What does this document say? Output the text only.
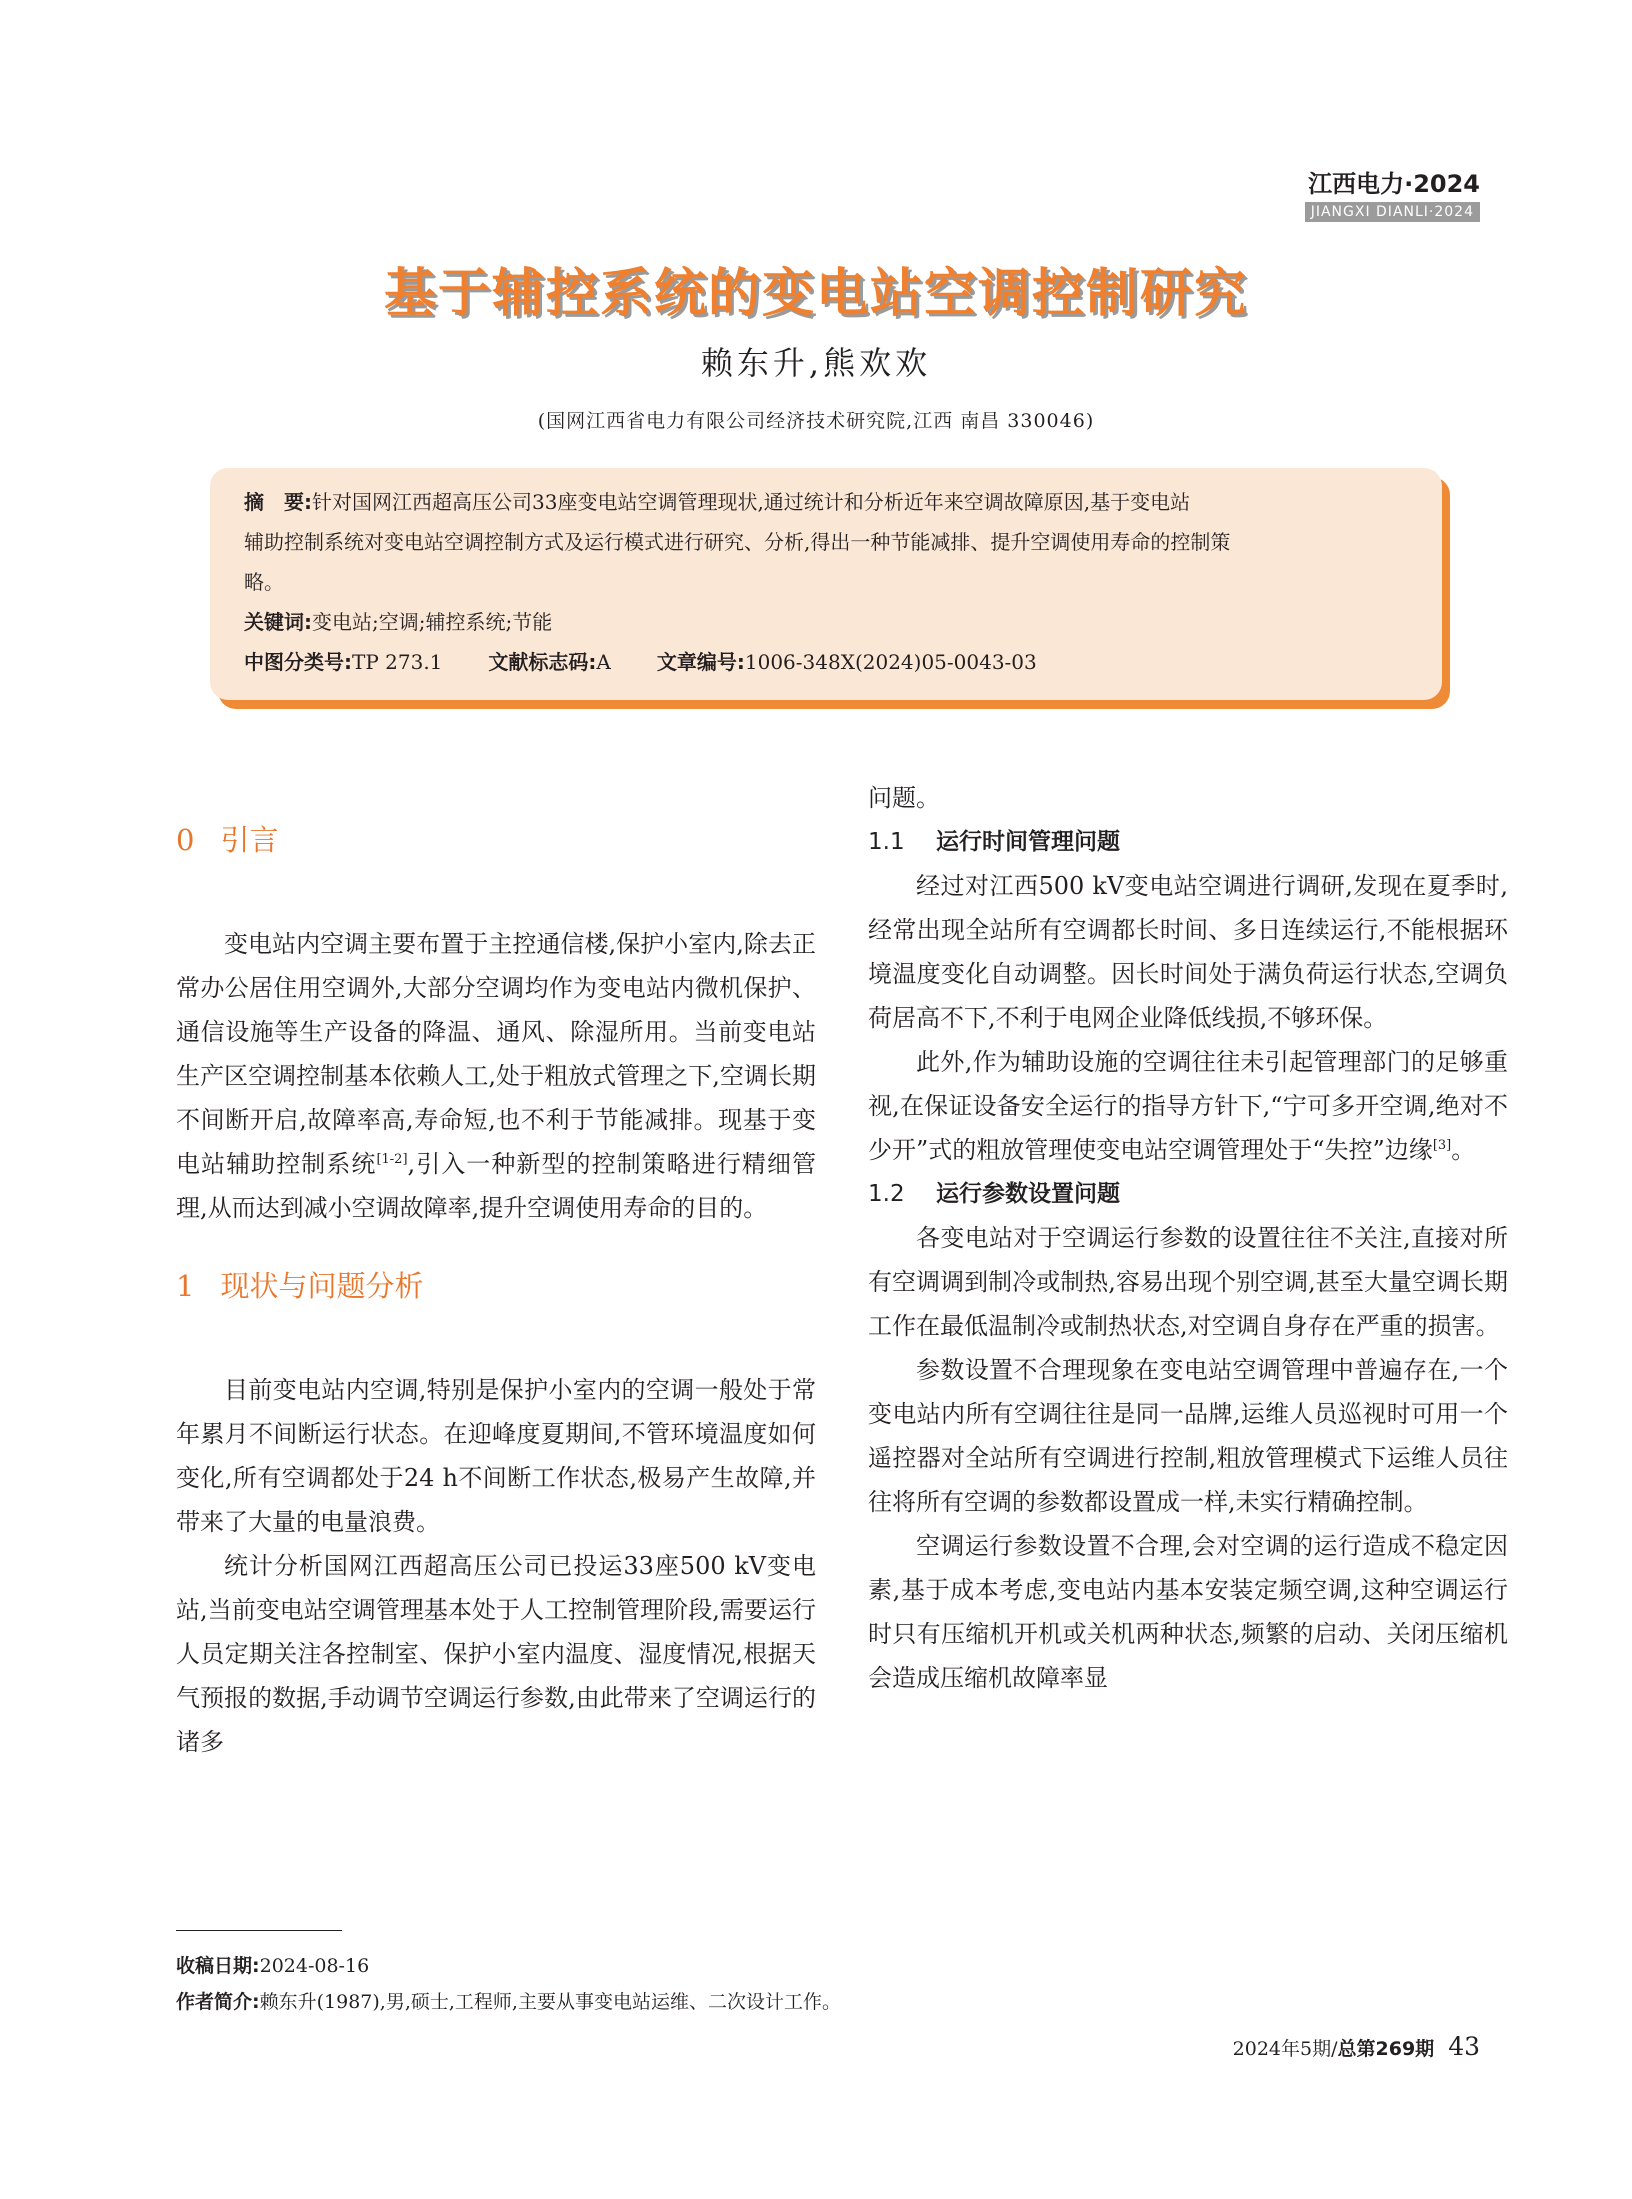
江西电力·2024
JIANGXI DIANLI·2024
基于辅控系统的变电站空调控制研究
赖东升,熊欢欢
(国网江西省电力有限公司经济技术研究院,江西 南昌 330046)

摘　要:针对国网江西超高压公司33座变电站空调管理现状,通过统计和分析近年来空调故障原因,基于变电站

辅助控制系统对变电站空调控制方式及运行模式进行研究、分析,得出一种节能减排、提升空调使用寿命的控制策

略。

关键词:变电站;空调;辅控系统;节能

中图分类号:TP 273.1 文献标志码:A 文章编号:1006-348X(2024)05-0043-03

0 引言

变电站内空调主要布置于主控通信楼,保护小室内,除去正常办公居住用空调外,大部分空调均作为变电站内微机保护、通信设施等生产设备的降温、通风、除湿所用。当前变电站生产区空调控制基本依赖人工,处于粗放式管理之下,空调长期不间断开启,故障率高,寿命短,也不利于节能减排。现基于变电站辅助控制系统[1-2],引入一种新型的控制策略进行精细管理,从而达到减小空调故障率,提升空调使用寿命的目的。

1 现状与问题分析

目前变电站内空调,特别是保护小室内的空调一般处于常年累月不间断运行状态。在迎峰度夏期间,不管环境温度如何变化,所有空调都处于24 h不间断工作状态,极易产生故障,并带来了大量的电量浪费。

统计分析国网江西超高压公司已投运33座500 kV变电站,当前变电站空调管理基本处于人工控制管理阶段,需要运行人员定期关注各控制室、保护小室内温度、湿度情况,根据天气预报的数据,手动调节空调运行参数,由此带来了空调运行的诸多

问题。

1.1 运行时间管理问题

经过对江西500 kV变电站空调进行调研,发现在夏季时,经常出现全站所有空调都长时间、多日连续运行,不能根据环境温度变化自动调整。因长时间处于满负荷运行状态,空调负荷居高不下,不利于电网企业降低线损,不够环保。

此外,作为辅助设施的空调往往未引起管理部门的足够重视,在保证设备安全运行的指导方针下,“宁可多开空调,绝对不少开”式的粗放管理使变电站空调管理处于“失控”边缘[3]。

1.2 运行参数设置问题

各变电站对于空调运行参数的设置往往不关注,直接对所有空调调到制冷或制热,容易出现个别空调,甚至大量空调长期工作在最低温制冷或制热状态,对空调自身存在严重的损害。

参数设置不合理现象在变电站空调管理中普遍存在,一个变电站内所有空调往往是同一品牌,运维人员巡视时可用一个遥控器对全站所有空调进行控制,粗放管理模式下运维人员往往将所有空调的参数都设置成一样,未实行精确控制。

空调运行参数设置不合理,会对空调的运行造成不稳定因素,基于成本考虑,变电站内基本安装定频空调,这种空调运行时只有压缩机开机或关机两种状态,频繁的启动、关闭压缩机会造成压缩机故障率显

收稿日期:2024-08-16
作者简介:赖东升(1987),男,硕士,工程师,主要从事变电站运维、二次设计工作。
2024年5期/总第269期 43
